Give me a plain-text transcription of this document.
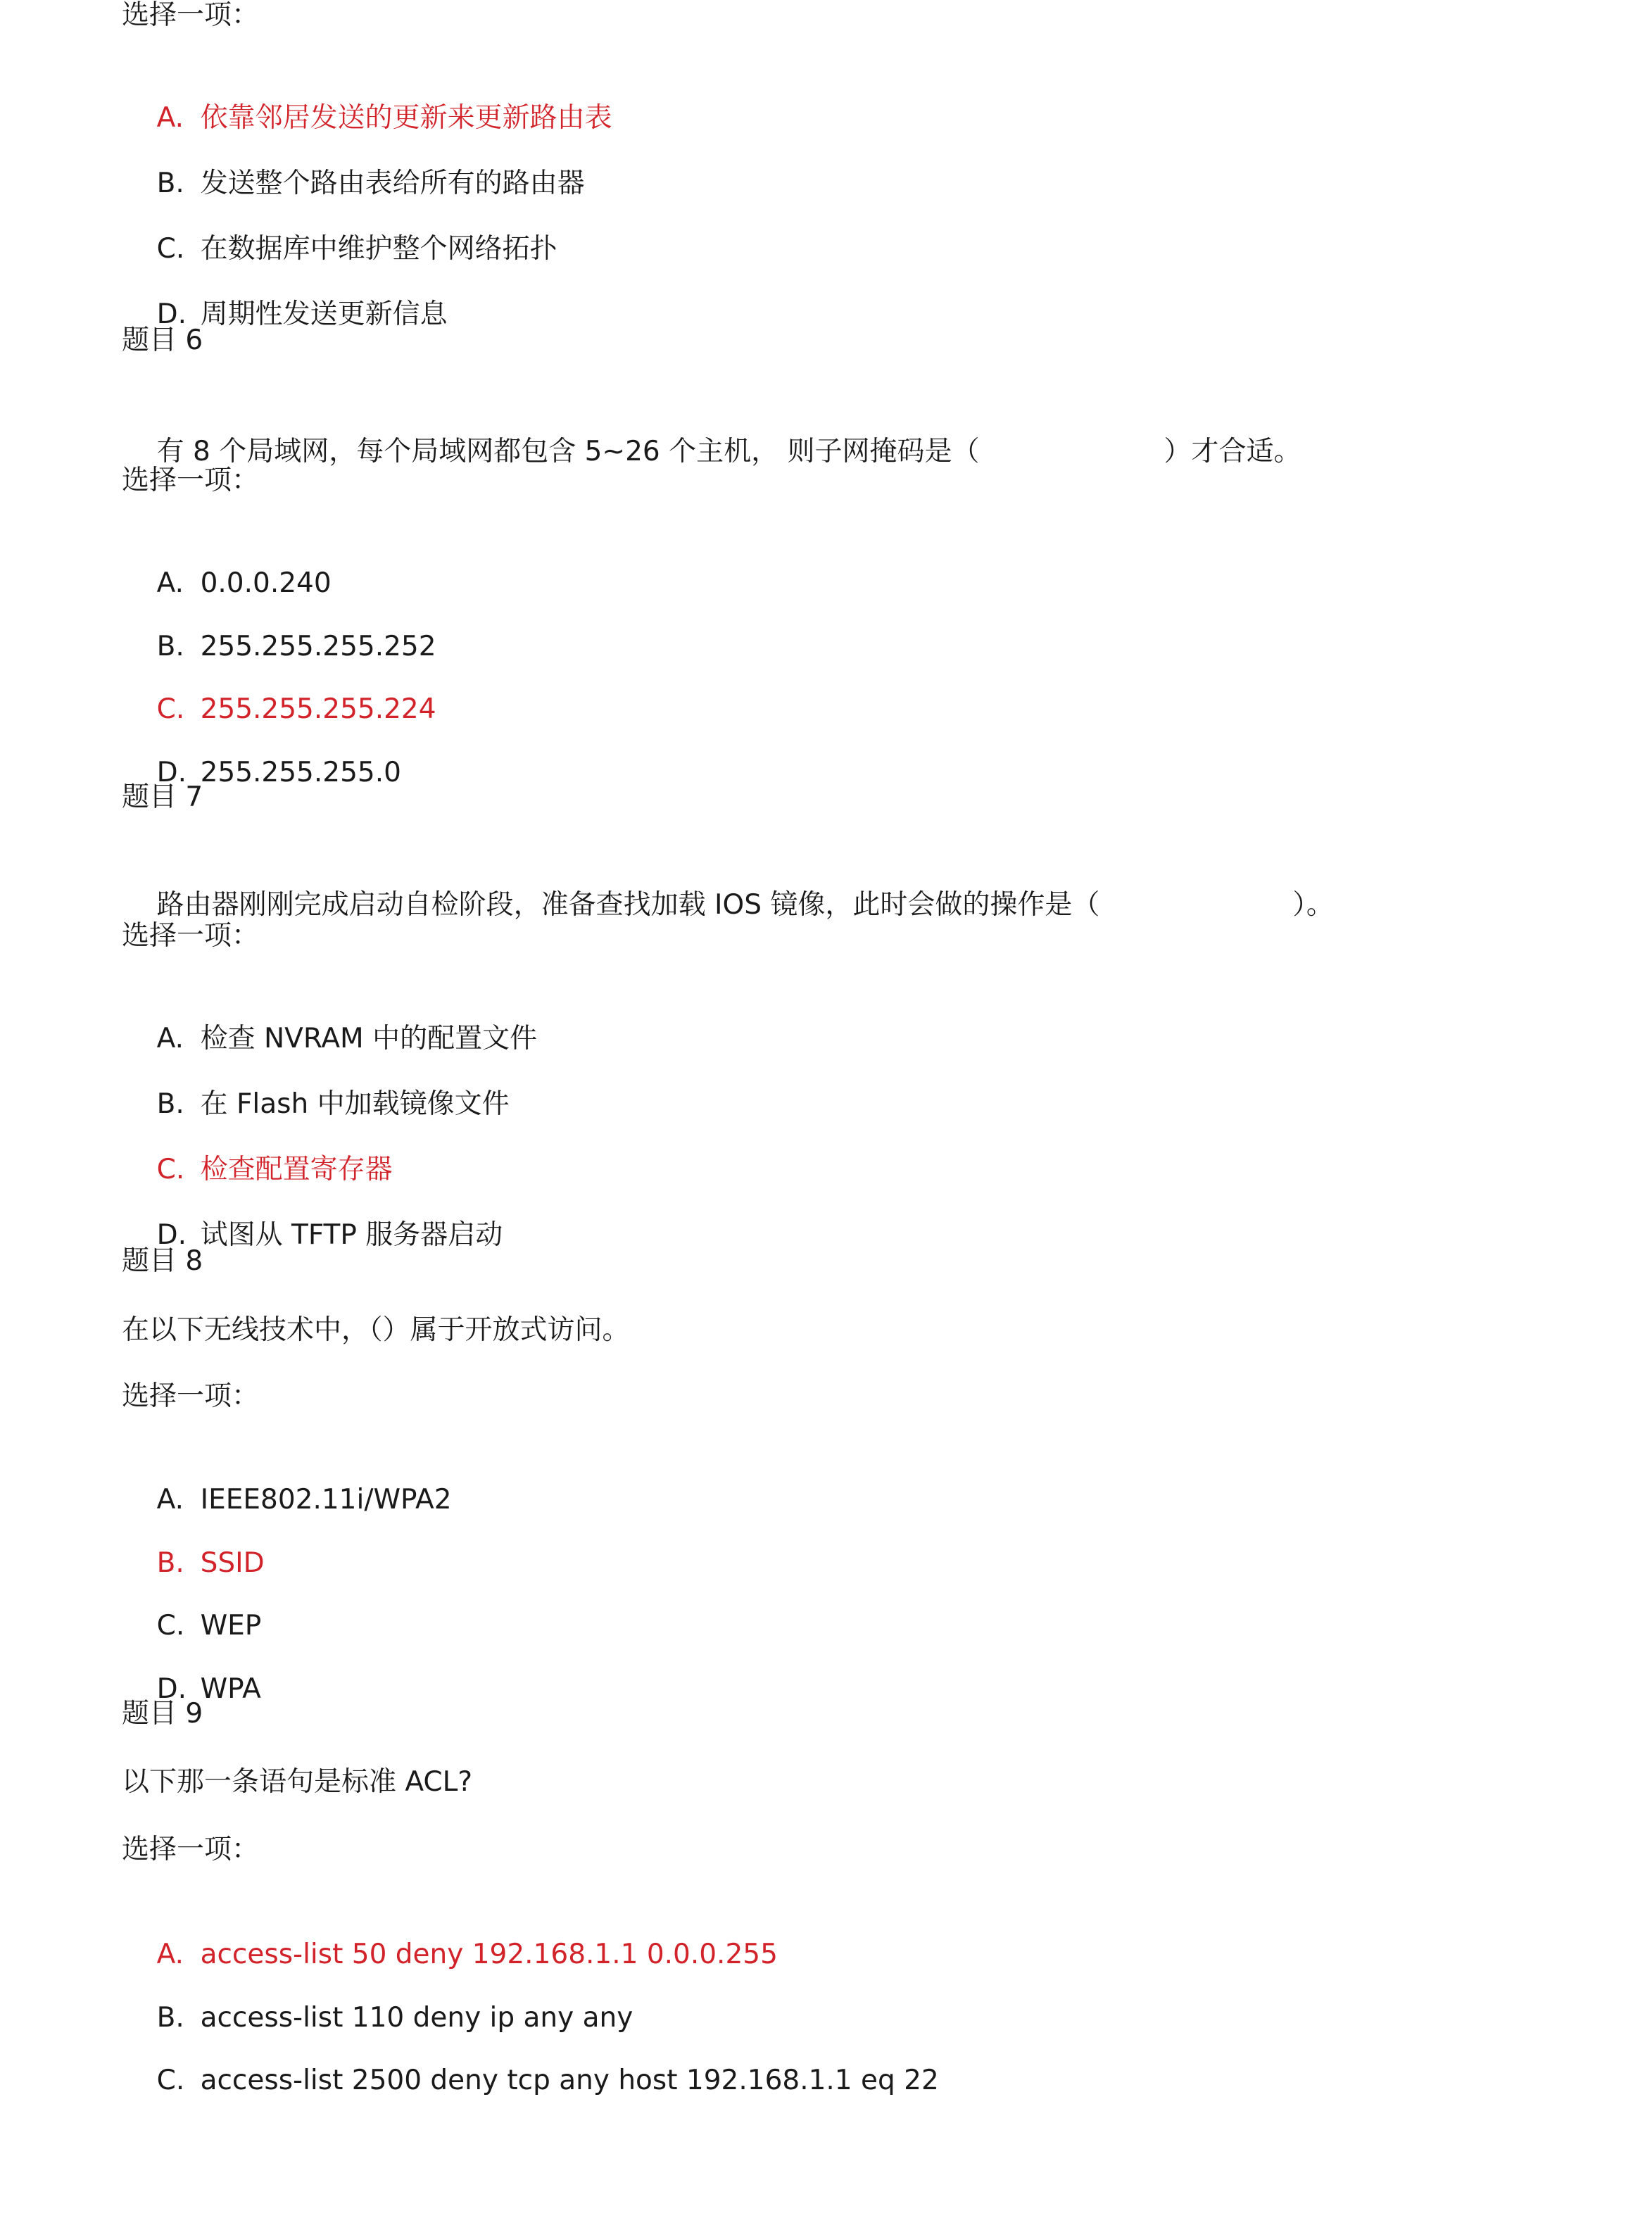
选择一项：

A. 依靠邻居发送的更新来更新路由表

B. 发送整个路由表给所有的路由器

C. 在数据库中维护整个网络拓扑

D. 周期性发送更新信息

题目 6

有 8 个局域网，每个局域网都包含 5~26 个主机， 则子网掩码是（	）才合适。

选择一项：

A. 0.0.0.240

B. 255.255.255.252

C. 255.255.255.224

D. 255.255.255.0

题目 7

路由器刚刚完成启动自检阶段，准备查找加载 IOS 镜像，此时会做的操作是（	）。

选择一项：

A. 检查 NVRAM 中的配置文件

B. 在 Flash 中加载镜像文件

C. 检查配置寄存器

D. 试图从 TFTP 服务器启动

题目 8
在以下无线技术中，（）属于开放式访问。
选择一项：

A. IEEE802.11i/WPA2

B. SSID

C. WEP

D. WPA

题目 9
以下那一条语句是标准 ACL?
选择一项：

A. access-list 50 deny 192.168.1.1 0.0.0.255

B. access-list 110 deny ip any any

C. access-list 2500 deny tcp any host 192.168.1.1 eq 22
